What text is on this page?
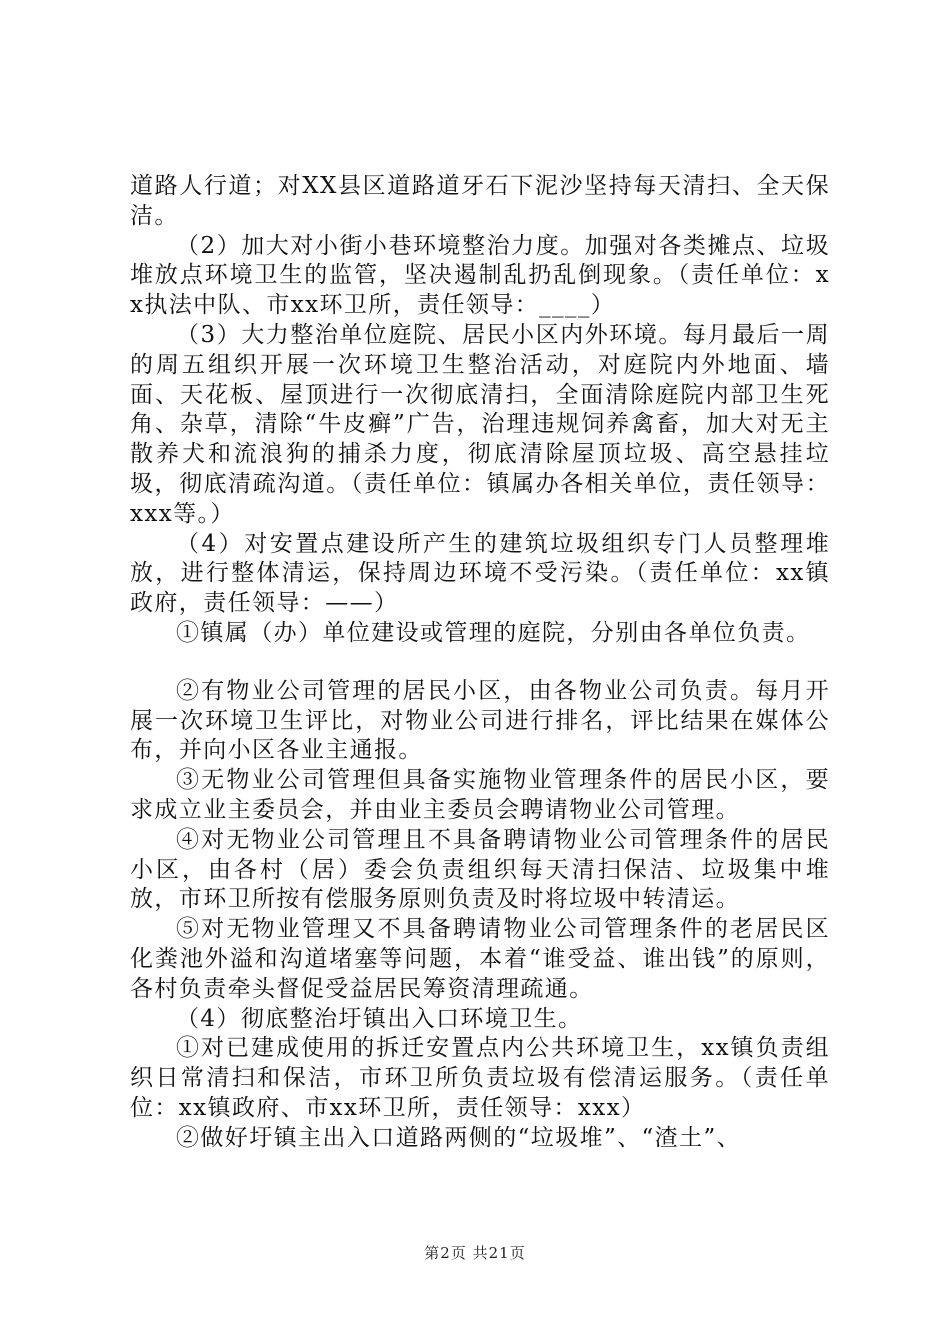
道路人行道；对XX县区道路道牙石下泥沙坚持每天清扫、全天保洁。

（2）加大对小街小巷环境整治力度。加强对各类摊点、垃圾堆放点环境卫生的监管，坚决遏制乱扔乱倒现象。（责任单位：xx执法中队、市xx环卫所，责任领导：____）

（3）大力整治单位庭院、居民小区内外环境。每月最后一周的周五组织开展一次环境卫生整治活动，对庭院内外地面、墙面、天花板、屋顶进行一次彻底清扫，全面清除庭院内部卫生死角、杂草，清除“牛皮癣”广告，治理违规饲养禽畜，加大对无主散养犬和流浪狗的捕杀力度，彻底清除屋顶垃圾、高空悬挂垃圾，彻底清疏沟道。（责任单位：镇属办各相关单位，责任领导：xxx等。）

（4）对安置点建设所产生的建筑垃圾组织专门人员整理堆放，进行整体清运，保持周边环境不受污染。（责任单位：xx镇政府，责任领导：——）

①镇属（办）单位建设或管理的庭院，分别由各单位负责。

②有物业公司管理的居民小区，由各物业公司负责。每月开展一次环境卫生评比，对物业公司进行排名，评比结果在媒体公布，并向小区各业主通报。

③无物业公司管理但具备实施物业管理条件的居民小区，要求成立业主委员会，并由业主委员会聘请物业公司管理。

④对无物业公司管理且不具备聘请物业公司管理条件的居民小区，由各村（居）委会负责组织每天清扫保洁、垃圾集中堆放，市环卫所按有偿服务原则负责及时将垃圾中转清运。

⑤对无物业管理又不具备聘请物业公司管理条件的老居民区化粪池外溢和沟道堵塞等问题，本着“谁受益、谁出钱”的原则，各村负责牵头督促受益居民筹资清理疏通。

（4）彻底整治圩镇出入口环境卫生。

①对已建成使用的拆迁安置点内公共环境卫生，xx镇负责组织日常清扫和保洁，市环卫所负责垃圾有偿清运服务。（责任单位：xx镇政府、市xx环卫所，责任领导：xxx）

②做好圩镇主出入口道路两侧的“垃圾堆”、“渣土”、

第2页 共21页
